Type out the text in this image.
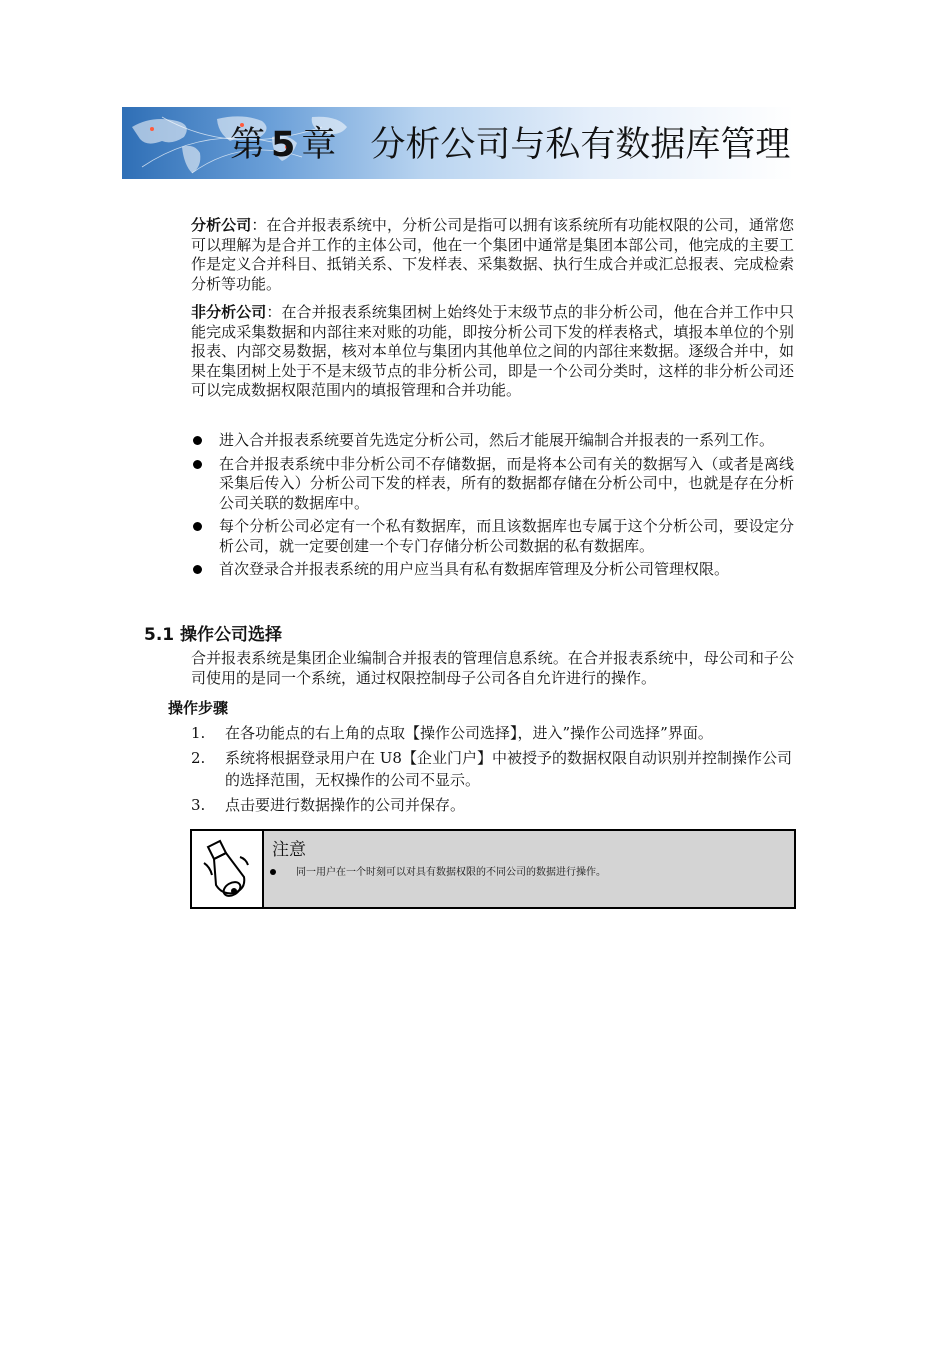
第 5 章 分析公司与私有数据库管理

分析公司：在合并报表系统中，分析公司是指可以拥有该系统所有功能权限的公司，通常您可以理解为是合并工作的主体公司，他在一个集团中通常是集团本部公司，他完成的主要工作是定义合并科目、抵销关系、下发样表、采集数据、执行生成合并或汇总报表、完成检索分析等功能。

非分析公司：在合并报表系统集团树上始终处于末级节点的非分析公司，他在合并工作中只能完成采集数据和内部往来对账的功能，即按分析公司下发的样表格式，填报本单位的个别报表、内部交易数据，核对本单位与集团内其他单位之间的内部往来数据。逐级合并中，如果在集团树上处于不是末级节点的非分析公司，即是一个公司分类时，这样的非分析公司还可以完成数据权限范围内的填报管理和合并功能。

进入合并报表系统要首先选定分析公司，然后才能展开编制合并报表的一系列工作。
在合并报表系统中非分析公司不存储数据，而是将本公司有关的数据写入（或者是离线采集后传入）分析公司下发的样表，所有的数据都存储在分析公司中，也就是存在分析公司关联的数据库中。
每个分析公司必定有一个私有数据库，而且该数据库也专属于这个分析公司，要设定分析公司，就一定要创建一个专门存储分析公司数据的私有数据库。
首次登录合并报表系统的用户应当具有私有数据库管理及分析公司管理权限。
5.1 操作公司选择

合并报表系统是集团企业编制合并报表的管理信息系统。在合并报表系统中，母公司和子公司使用的是同一个系统，通过权限控制母子公司各自允许进行的操作。

操作步骤
1. 在各功能点的右上角的点取【操作公司选择】，进入”操作公司选择”界面。
2. 系统将根据登录用户在 U8【企业门户】中被授予的数据权限自动识别并控制操作公司的选择范围，无权操作的公司不显示。
3. 点击要进行数据操作的公司并保存。
注意
同一用户在一个时刻可以对具有数据权限的不同公司的数据进行操作。
